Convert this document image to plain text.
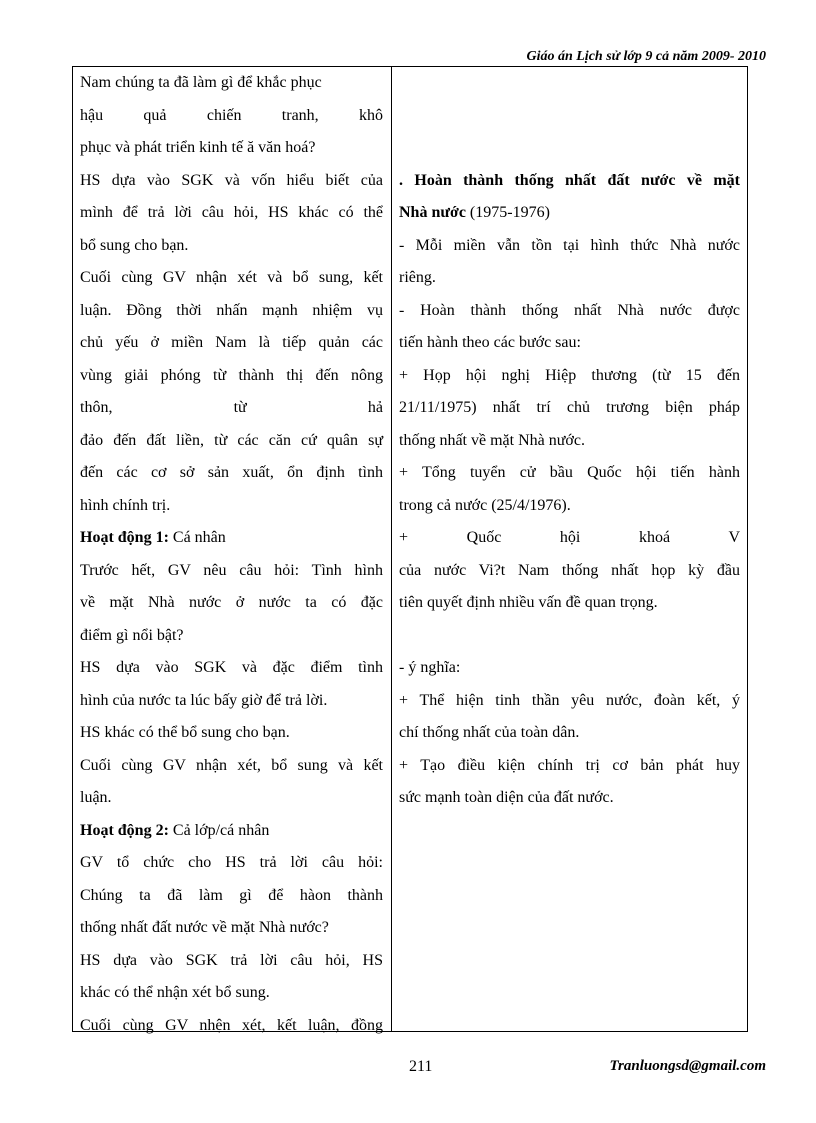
Giáo án Lịch sử lớp 9 cả năm 2009- 2010
Nam chúng ta đã làm gì để khắc phục
hậu quả chiến tranh, khô
phục và phát triển kinh tế ă văn hoá?
HS dựa vào SGK và vốn hiểu biết của
mình để trả lời câu hỏi, HS khác có thể
bổ sung cho bạn.
Cuối cùng GV nhận xét và bổ sung, kết
luận. Đồng thời nhấn mạnh nhiệm vụ
chủ yếu ở miền Nam là tiếp quản các
vùng giải phóng từ thành thị đến nông
thôn, từ hả
đảo đến đất liền, từ các căn cứ quân sự
đến các cơ sở sản xuất, ổn định tình
hình chính trị.
Hoạt động 1: Cá nhân
Trước hết, GV nêu câu hỏi: Tình hình
về mặt Nhà nước ở nước ta có đặc
điểm gì nổi bật?
HS dựa vào SGK và đặc điểm tình
hình của nước ta lúc bấy giờ để trả lời.
HS khác có thể bổ sung cho bạn.
Cuối cùng GV nhận xét, bổ sung và kết
luận.
Hoạt động 2: Cả lớp/cá nhân
GV tổ chức cho HS trả lời câu hỏi:
Chúng ta đã làm gì để hàon thành
thống nhất đất nước về mặt Nhà nước?
HS dựa vào SGK trả lời câu hỏi, HS
khác có thể nhận xét bổ sung.
Cuối cùng GV nhện xét, kết luận, đồng
. Hoàn thành thống nhất đất nước về mặt
Nhà nước (1975-1976)
- Mỗi miền vẫn tồn tại hình thức Nhà nước
riêng.
- Hoàn thành thống nhất Nhà nước được
tiến hành theo các bước sau:
+ Họp hội nghị Hiệp thương (từ 15 đến
21/11/1975) nhất trí chủ trương biện pháp
thống nhất về mặt Nhà nước.
+ Tổng tuyển cử bầu Quốc hội tiến hành
trong cả nước (25/4/1976).
+ Quốc hội khoá V
của nước Vi?t Nam thống nhất họp kỳ đầu
tiên quyết định nhiều vấn đề quan trọng.
- ý nghĩa:
+ Thể hiện tinh thần yêu nước, đoàn kết, ý
chí thống nhất của toàn dân.
+ Tạo điều kiện chính trị cơ bản phát huy
sức mạnh toàn diện của đất nước.
211	Tranluongsd@gmail.com
